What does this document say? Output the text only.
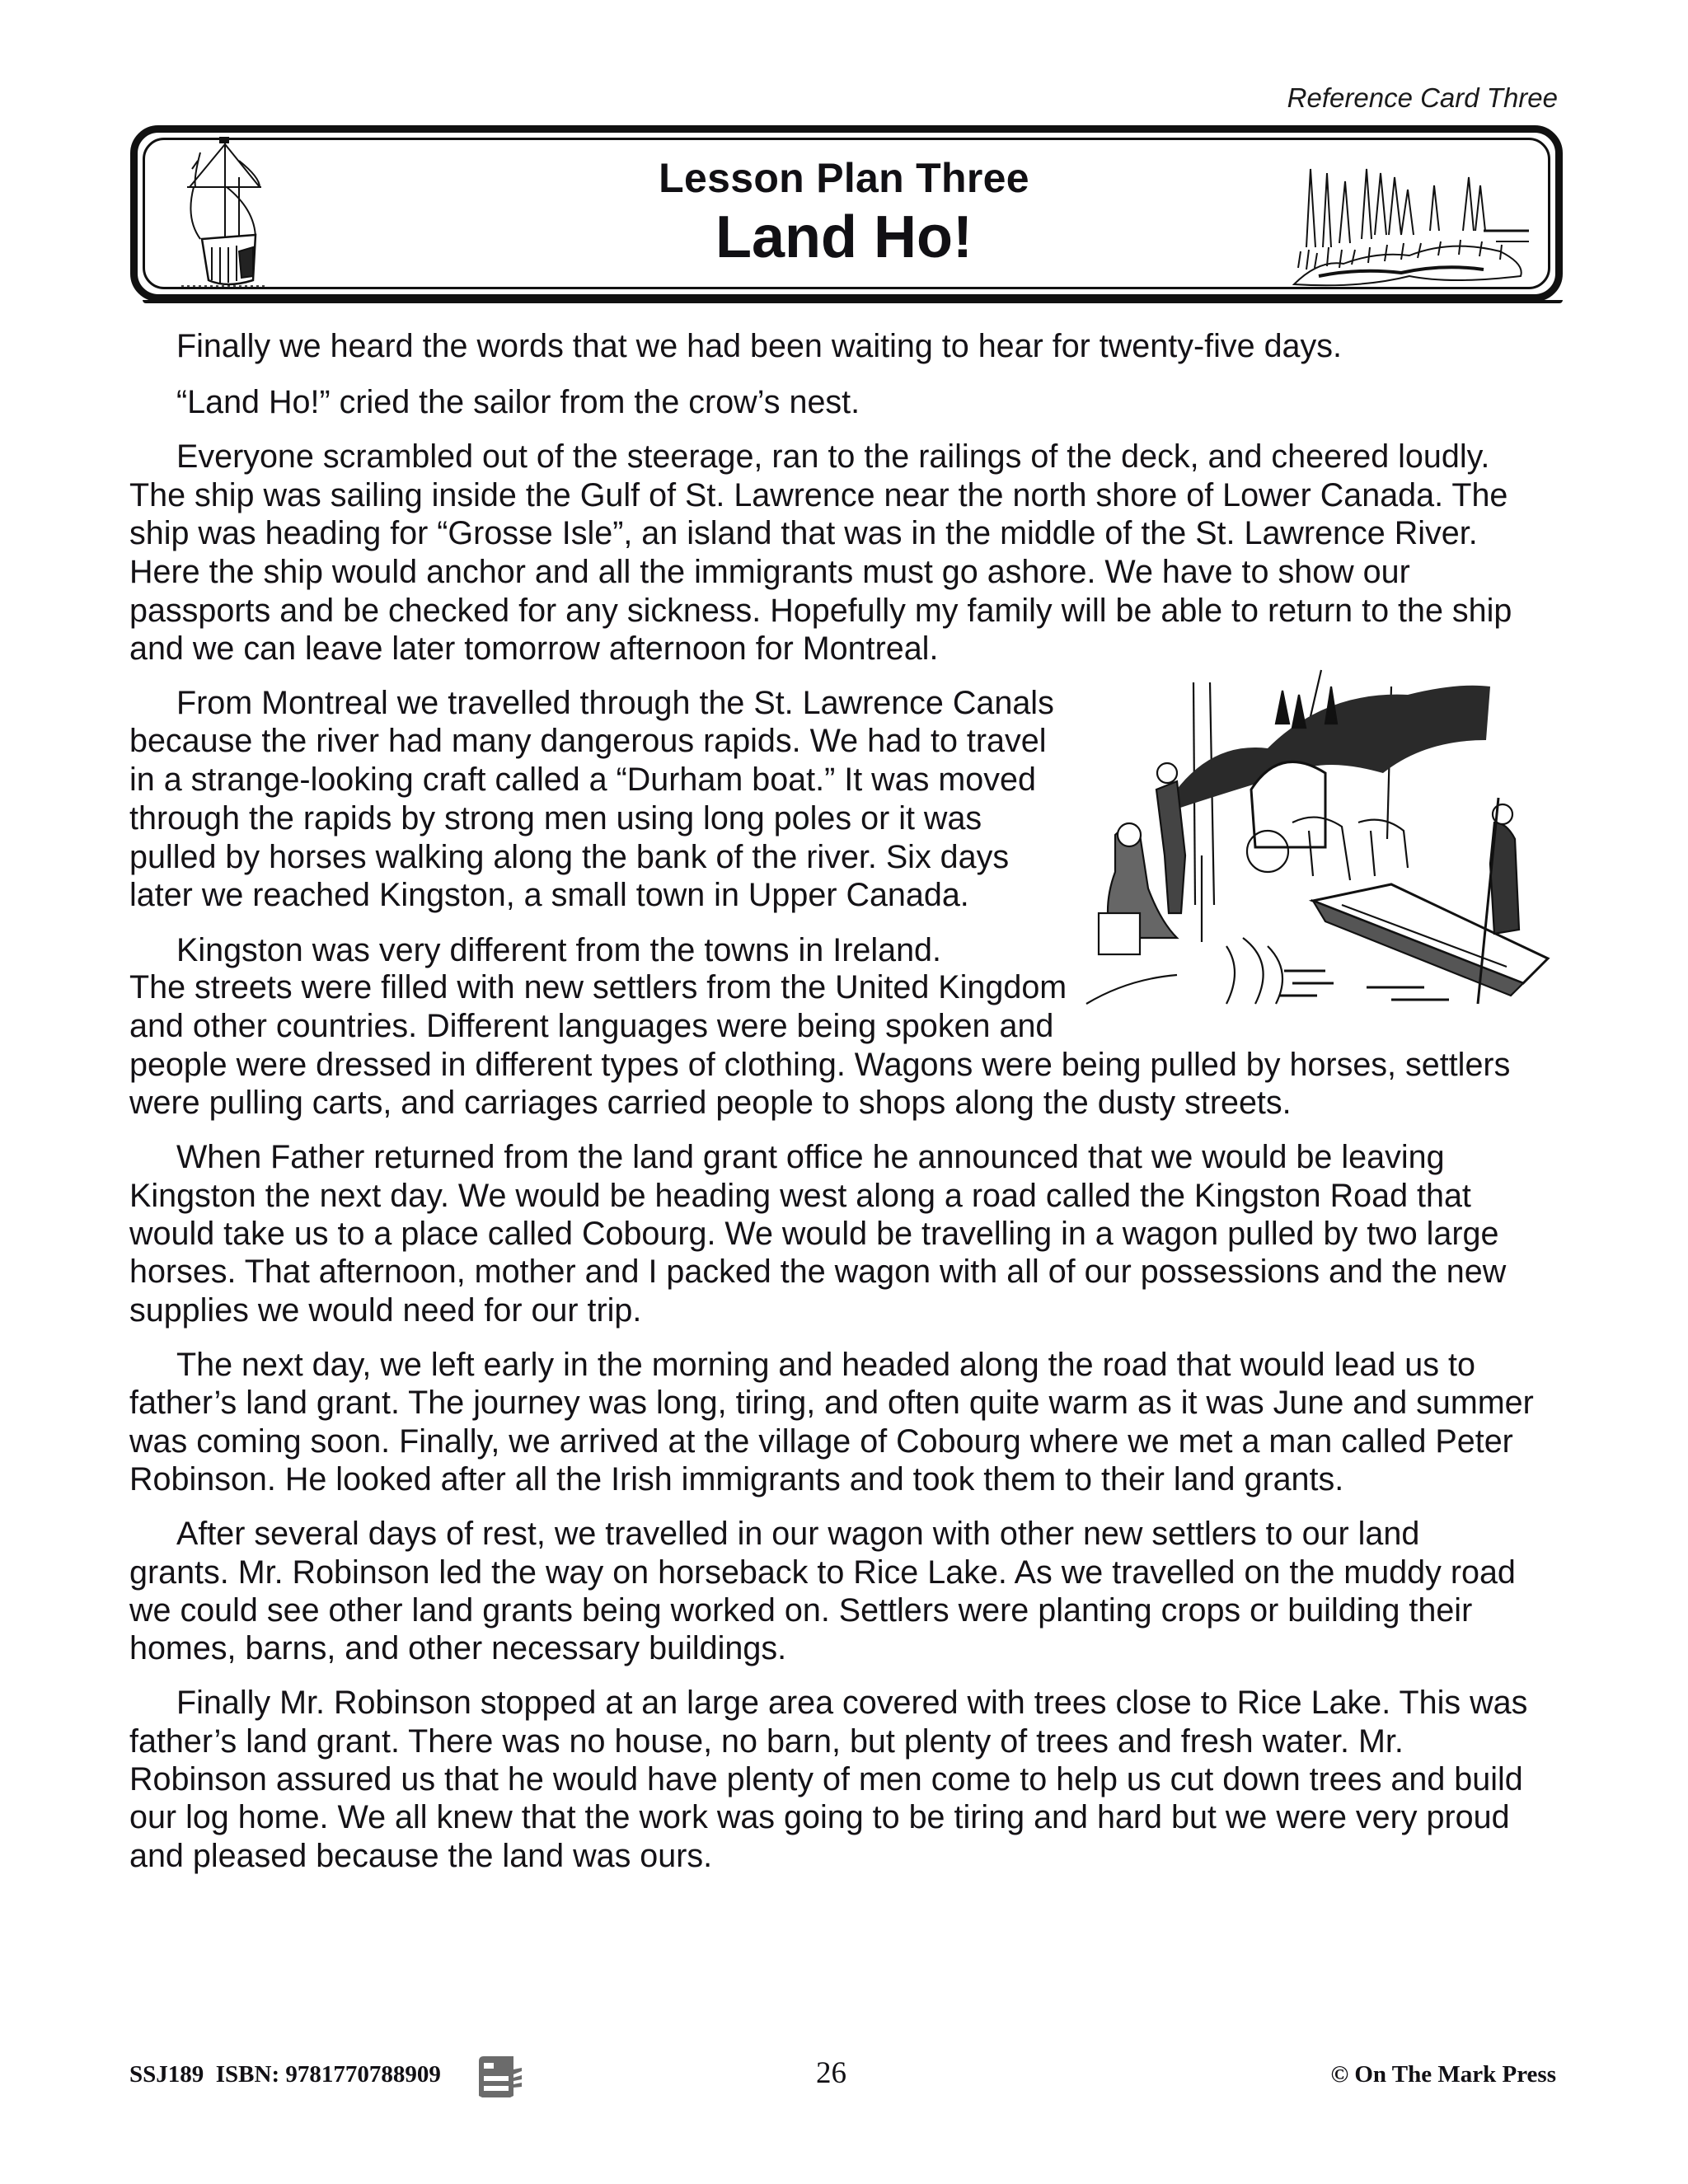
Reference Card Three
Lesson Plan Three
Land Ho!
Finally we heard the words that we had been waiting to hear for twenty-five days.
“Land Ho!” cried the sailor from the crow’s nest.
Everyone scrambled out of the steerage, ran to the railings of the deck, and cheered loudly.
The ship was sailing inside the Gulf of St. Lawrence near the north shore of Lower Canada. The
ship was heading for “Grosse Isle”, an island that was in the middle of the St. Lawrence River.
Here the ship would anchor and all the immigrants must go ashore. We have to show our
passports and be checked for any sickness. Hopefully my family will be able to return to the ship
and we can leave later tomorrow afternoon for Montreal.
From Montreal we travelled through the St. Lawrence Canals
because the river had many dangerous rapids. We had to travel
in a strange-looking craft called a “Durham boat.” It was moved
through the rapids by strong men using long poles or it was
pulled by horses walking along the bank of the river. Six days
later we reached Kingston, a small town in Upper Canada.
Kingston was very different from the towns in Ireland.
The streets were filled with new settlers from the United Kingdom
and other countries. Different languages were being spoken and
people were dressed in different types of clothing. Wagons were being pulled by horses, settlers
were pulling carts, and carriages carried people to shops along the dusty streets.
When Father returned from the land grant office he announced that we would be leaving
Kingston the next day. We would be heading west along a road called the Kingston Road that
would take us to a place called Cobourg. We would be travelling in a wagon pulled by two large
horses. That afternoon, mother and I packed the wagon with all of our possessions and the new
supplies we would need for our trip.
The next day, we left early in the morning and headed along the road that would lead us to
father’s land grant. The journey was long, tiring, and often quite warm as it was June and summer
was coming soon. Finally, we arrived at the village of Cobourg where we met a man called Peter
Robinson. He looked after all the Irish immigrants and took them to their land grants.
After several days of rest, we travelled in our wagon with other new settlers to our land
grants. Mr. Robinson led the way on horseback to Rice Lake. As we travelled on the muddy road
we could see other land grants being worked on. Settlers were planting crops or building their
homes, barns, and other necessary buildings.
Finally Mr. Robinson stopped at an large area covered with trees close to Rice Lake. This was
father’s land grant. There was no house, no barn, but plenty of trees and fresh water. Mr.
Robinson assured us that he would have plenty of men come to help us cut down trees and build
our log home. We all knew that the work was going to be tiring and hard but we were very proud
and pleased because the land was ours.
SSJ189  ISBN: 9781770788909	26	© On The Mark Press
